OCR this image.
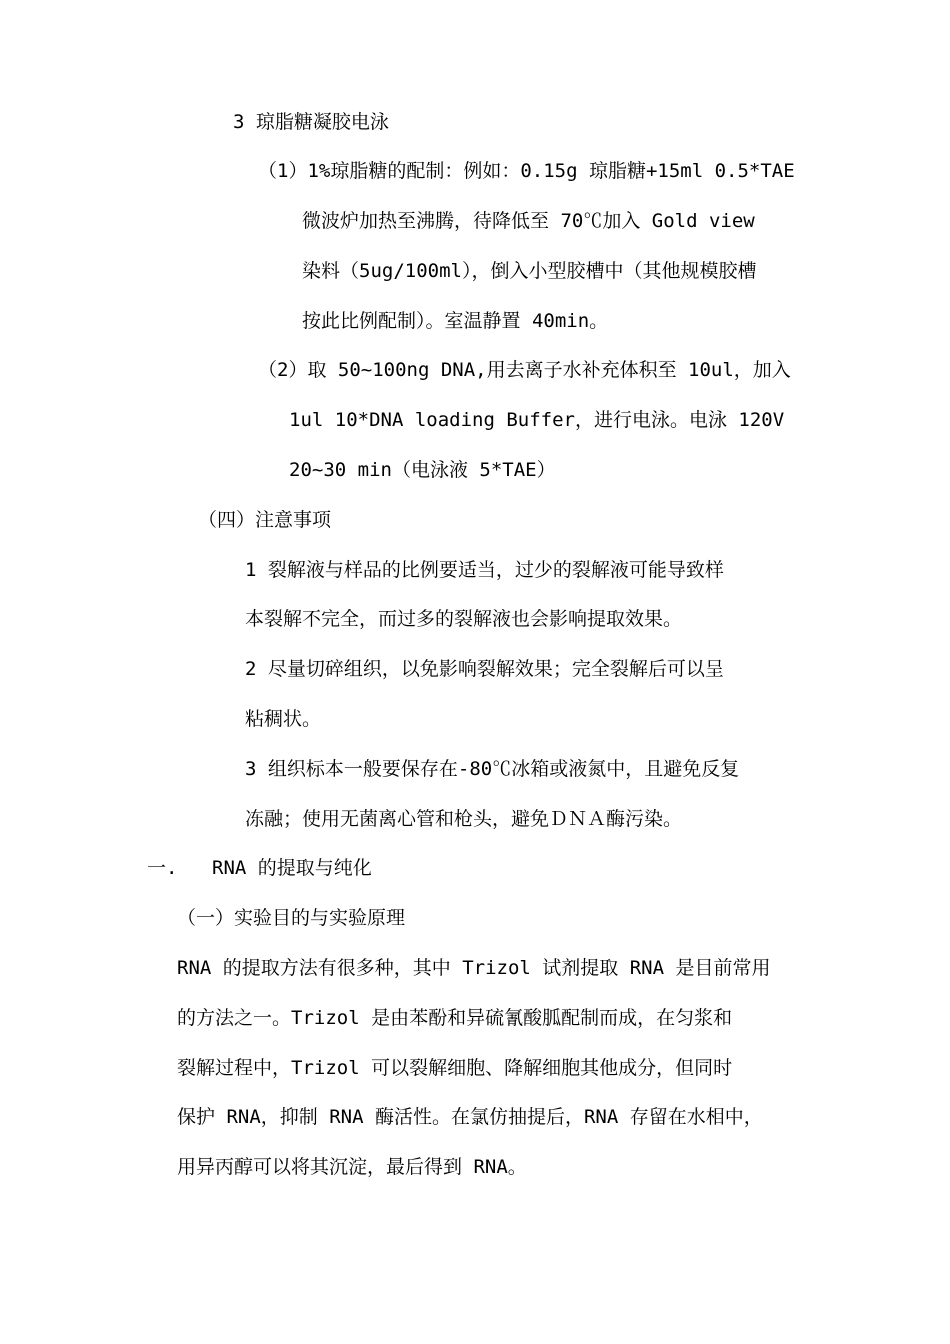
3 琼脂糖凝胶电泳
（1）1%琼脂糖的配制：例如：0.15g 琼脂糖+15ml 0.5*TAE
微波炉加热至沸腾，待降低至 70℃加入 Gold view
染料（5ug/100ml），倒入小型胶槽中（其他规模胶槽
按此比例配制）。室温静置 40min。
（2）取 50~100ng DNA,用去离子水补充体积至 10ul，加入
1ul 10*DNA loading Buffer，进行电泳。电泳 120V
20~30 min（电泳液 5*TAE）
（四）注意事项
1 裂解液与样品的比例要适当，过少的裂解液可能导致样
本裂解不完全，而过多的裂解液也会影响提取效果。
2 尽量切碎组织，以免影响裂解效果；完全裂解后可以呈
粘稠状。
3 组织标本一般要保存在-80℃冰箱或液氮中，且避免反复
冻融；使用无菌离心管和枪头，避免ＤＮＡ酶污染。
一. RNA 的提取与纯化
（一）实验目的与实验原理
RNA 的提取方法有很多种，其中 Trizol 试剂提取 RNA 是目前常用
的方法之一。Trizol 是由苯酚和异硫氰酸胍配制而成，在匀浆和
裂解过程中，Trizol 可以裂解细胞、降解细胞其他成分，但同时
保护 RNA，抑制 RNA 酶活性。在氯仿抽提后，RNA 存留在水相中，
用异丙醇可以将其沉淀，最后得到 RNA。
